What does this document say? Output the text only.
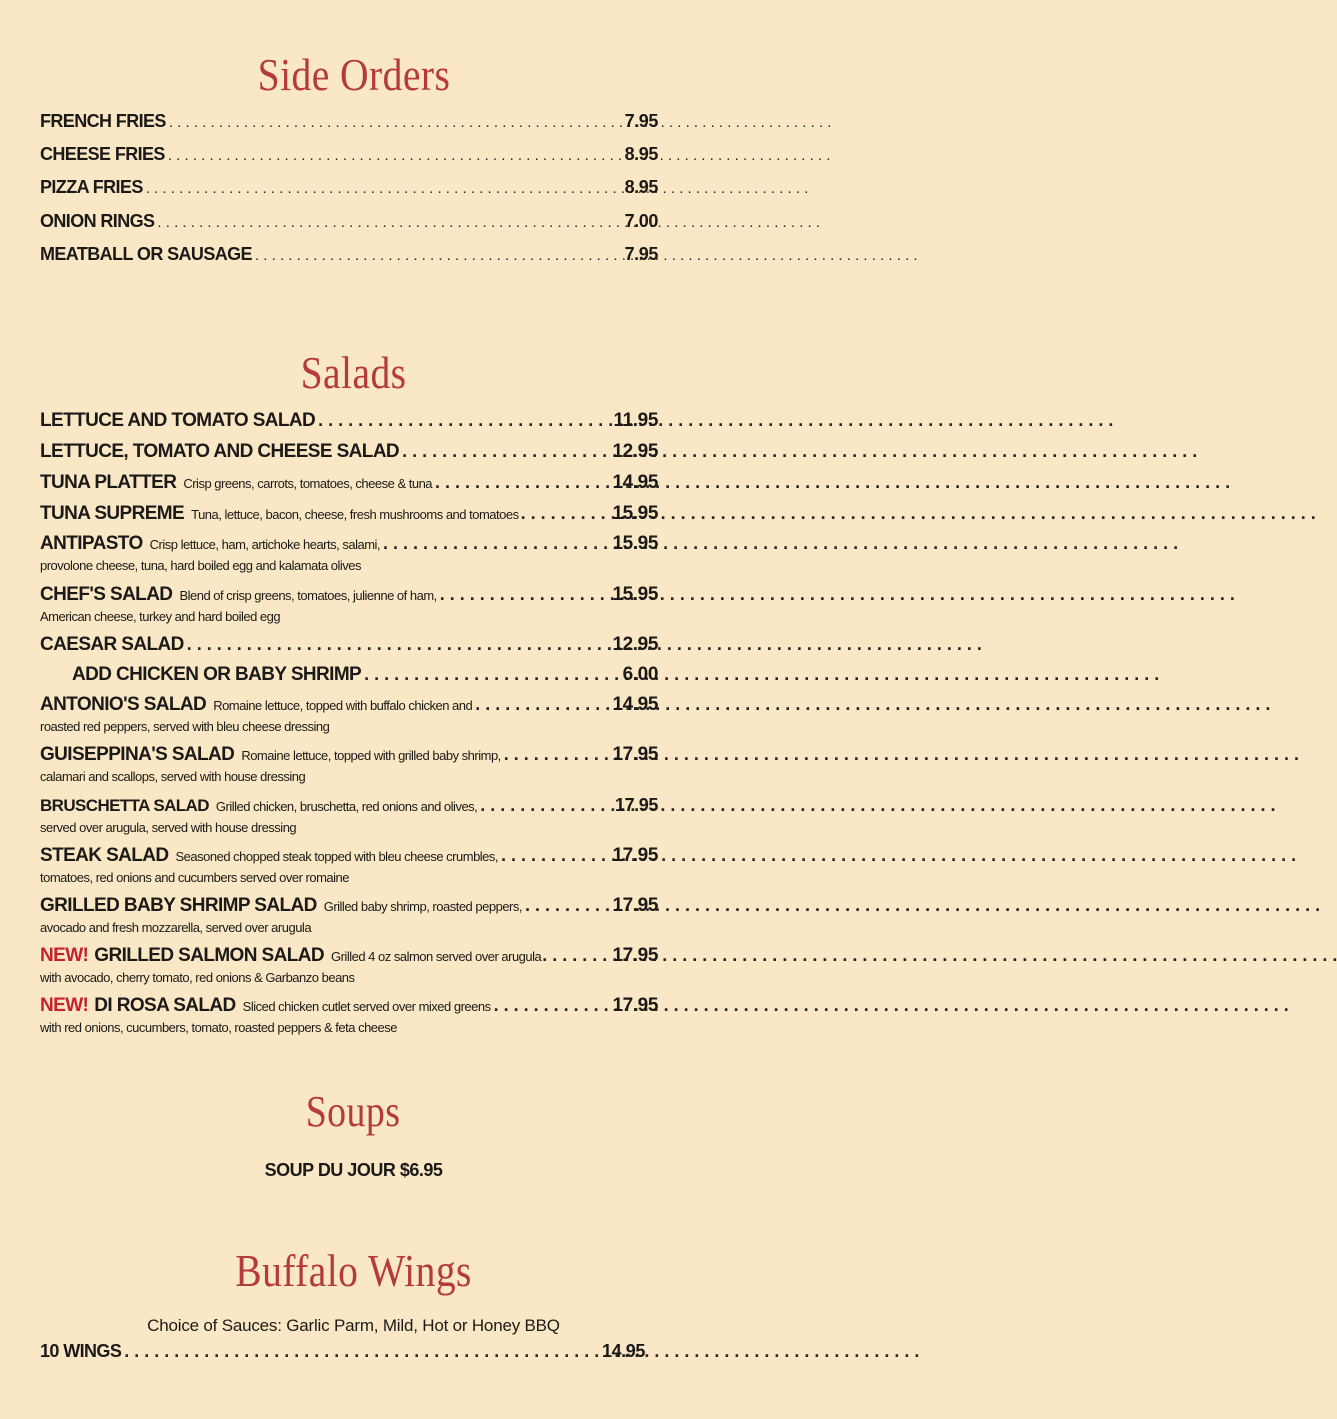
Side Orders
FRENCH FRIES . . .	7.95
CHEESE FRIES . . .	8.95
PIZZA FRIES . . .	8.95
ONION RINGS . . .	7.00
MEATBALL OR SAUSAGE . . .	7.95
Salads
LETTUCE AND TOMATO SALAD . . .	11.95
LETTUCE, TOMATO AND CHEESE SALAD . . .	12.95
TUNA PLATTER Crisp greens, carrots, tomatoes, cheese & tuna . . .	14.95
TUNA SUPREME Tuna, lettuce, bacon, cheese, fresh mushrooms and tomatoes . . .	15.95
ANTIPASTO Crisp lettuce, ham, artichoke hearts, salami, . . .	15.95
provolone cheese, tuna, hard boiled egg and kalamata olives
CHEF'S SALAD Blend of crisp greens, tomatoes, julienne of ham, . . .	15.95
American cheese, turkey and hard boiled egg
CAESAR SALAD . . .	12.95
ADD CHICKEN OR BABY SHRIMP . . .	6.00
ANTONIO'S SALAD Romaine lettuce, topped with buffalo chicken and . . .	14.95
roasted red peppers, served with bleu cheese dressing
GUISEPPINA'S SALAD Romaine lettuce, topped with grilled baby shrimp, . . .	17.95
calamari and scallops, served with house dressing
BRUSCHETTA SALAD Grilled chicken, bruschetta, red onions and olives, . . .	17.95
served over arugula, served with house dressing
STEAK SALAD Seasoned chopped steak topped with bleu cheese crumbles, . . .	17.95
tomatoes, red onions and cucumbers served over romaine
GRILLED BABY SHRIMP SALAD Grilled baby shrimp, roasted peppers, . . .	17.95
avocado and fresh mozzarella, served over arugula
NEW! GRILLED SALMON SALAD Grilled 4 oz salmon served over arugula . . .	17.95
with avocado, cherry tomato, red onions & Garbanzo beans
NEW! DI ROSA SALAD Sliced chicken cutlet served over mixed greens . . .	17.95
with red onions, cucumbers, tomato, roasted peppers & feta cheese
Soups
SOUP DU JOUR $6.95
Buffalo Wings
Choice of Sauces: Garlic Parm, Mild, Hot or Honey BBQ
10 WINGS . . .	14.95
